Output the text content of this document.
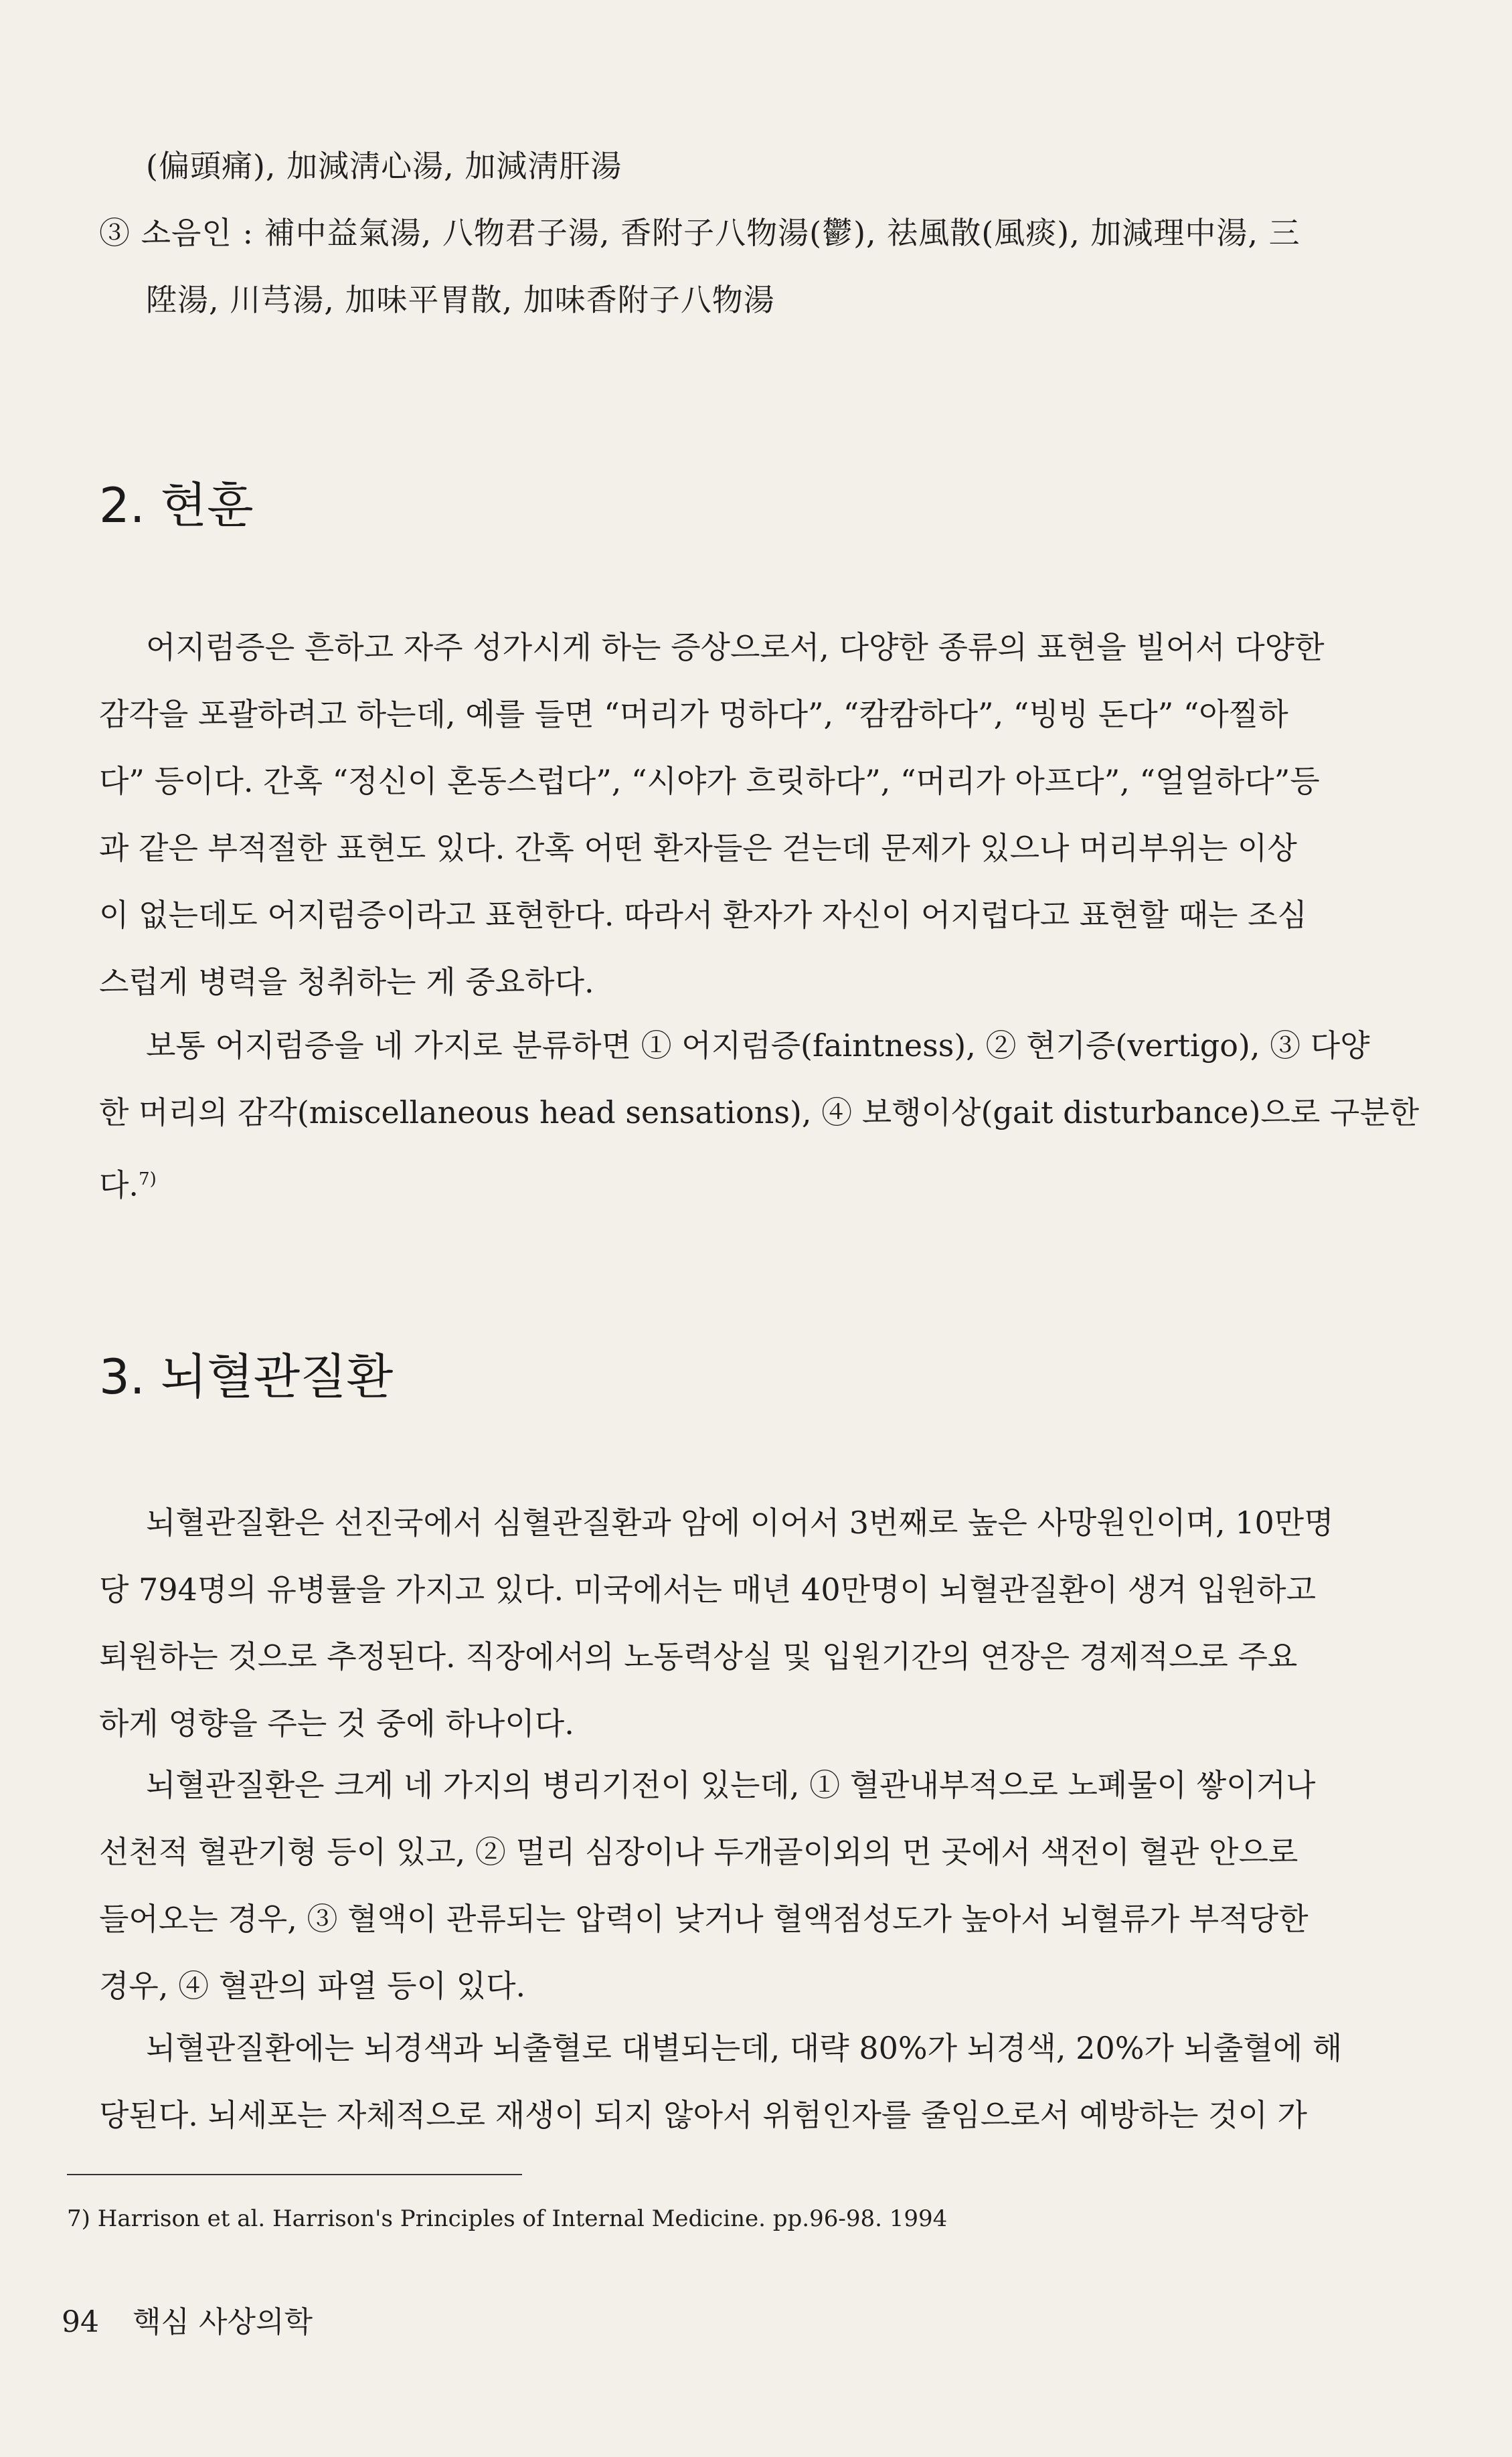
(偏頭痛), 加減淸心湯, 加減淸肝湯
③ 소음인 : 補中益氣湯, 八物君子湯, 香附子八物湯(鬱), 祛風散(風痰), 加減理中湯, 三
陞湯, 川芎湯, 加味平胃散, 加味香附子八物湯
2. 현훈
어지럼증은 흔하고 자주 성가시게 하는 증상으로서, 다양한 종류의 표현을 빌어서 다양한
감각을 포괄하려고 하는데, 예를 들면 “머리가 멍하다”, “캄캄하다”, “빙빙 돈다” “아찔하
다” 등이다. 간혹 “정신이 혼동스럽다”, “시야가 흐릿하다”, “머리가 아프다”, “얼얼하다”등
과 같은 부적절한 표현도 있다. 간혹 어떤 환자들은 걷는데 문제가 있으나 머리부위는 이상
이 없는데도 어지럼증이라고 표현한다. 따라서 환자가 자신이 어지럽다고 표현할 때는 조심
스럽게 병력을 청취하는 게 중요하다.
보통 어지럼증을 네 가지로 분류하면 ① 어지럼증(faintness), ② 현기증(vertigo), ③ 다양
한 머리의 감각(miscellaneous head sensations), ④ 보행이상(gait disturbance)으로 구분한
다.$^{7)}$
3. 뇌혈관질환
뇌혈관질환은 선진국에서 심혈관질환과 암에 이어서 3번째로 높은 사망원인이며, 10만명
당 794명의 유병률을 가지고 있다. 미국에서는 매년 40만명이 뇌혈관질환이 생겨 입원하고
퇴원하는 것으로 추정된다. 직장에서의 노동력상실 및 입원기간의 연장은 경제적으로 주요
하게 영향을 주는 것 중에 하나이다.
뇌혈관질환은 크게 네 가지의 병리기전이 있는데, ① 혈관내부적으로 노폐물이 쌓이거나
선천적 혈관기형 등이 있고, ② 멀리 심장이나 두개골이외의 먼 곳에서 색전이 혈관 안으로
들어오는 경우, ③ 혈액이 관류되는 압력이 낮거나 혈액점성도가 높아서 뇌혈류가 부적당한
경우, ④ 혈관의 파열 등이 있다.
뇌혈관질환에는 뇌경색과 뇌출혈로 대별되는데, 대략 80%가 뇌경색, 20%가 뇌출혈에 해
당된다. 뇌세포는 자체적으로 재생이 되지 않아서 위험인자를 줄임으로서 예방하는 것이 가
7) Harrison et al. Harrison's Principles of Internal Medicine. pp.96-98. 1994
94 핵심 사상의학
